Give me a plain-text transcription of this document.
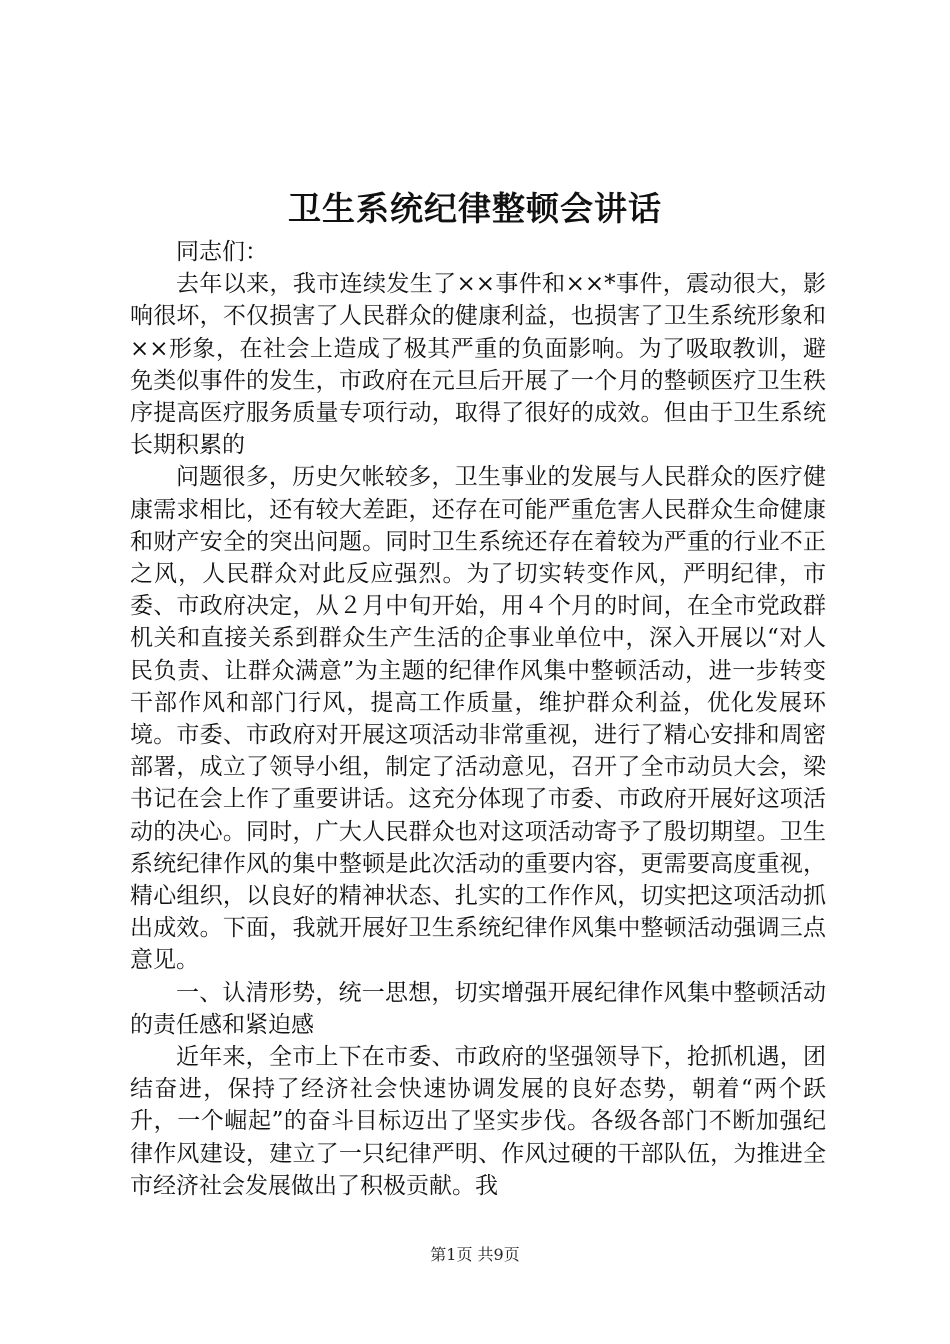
卫生系统纪律整顿会讲话

同志们：

去年以来，我市连续发生了××事件和××*事件，震动很大，影响很坏，不仅损害了人民群众的健康利益，也损害了卫生系统形象和××形象，在社会上造成了极其严重的负面影响。为了吸取教训，避免类似事件的发生，市政府在元旦后开展了一个月的整顿医疗卫生秩序提高医疗服务质量专项行动，取得了很好的成效。但由于卫生系统长期积累的

问题很多，历史欠帐较多，卫生事业的发展与人民群众的医疗健康需求相比，还有较大差距，还存在可能严重危害人民群众生命健康和财产安全的突出问题。同时卫生系统还存在着较为严重的行业不正之风，人民群众对此反应强烈。为了切实转变作风，严明纪律，市委、市政府决定，从２月中旬开始，用４个月的时间，在全市党政群机关和直接关系到群众生产生活的企事业单位中，深入开展以“对人民负责、让群众满意”为主题的纪律作风集中整顿活动，进一步转变干部作风和部门行风，提高工作质量，维护群众利益，优化发展环境。市委、市政府对开展这项活动非常重视，进行了精心安排和周密部署，成立了领导小组，制定了活动意见，召开了全市动员大会，梁书记在会上作了重要讲话。这充分体现了市委、市政府开展好这项活动的决心。同时，广大人民群众也对这项活动寄予了殷切期望。卫生系统纪律作风的集中整顿是此次活动的重要内容，更需要高度重视，精心组织，以良好的精神状态、扎实的工作作风，切实把这项活动抓出成效。下面，我就开展好卫生系统纪律作风集中整顿活动强调三点意见。

一、认清形势，统一思想，切实增强开展纪律作风集中整顿活动的责任感和紧迫感

近年来，全市上下在市委、市政府的坚强领导下，抢抓机遇，团结奋进，保持了经济社会快速协调发展的良好态势，朝着“两个跃升，一个崛起”的奋斗目标迈出了坚实步伐。各级各部门不断加强纪律作风建设，建立了一只纪律严明、作风过硬的干部队伍，为推进全市经济社会发展做出了积极贡献。我

第1页 共9页
